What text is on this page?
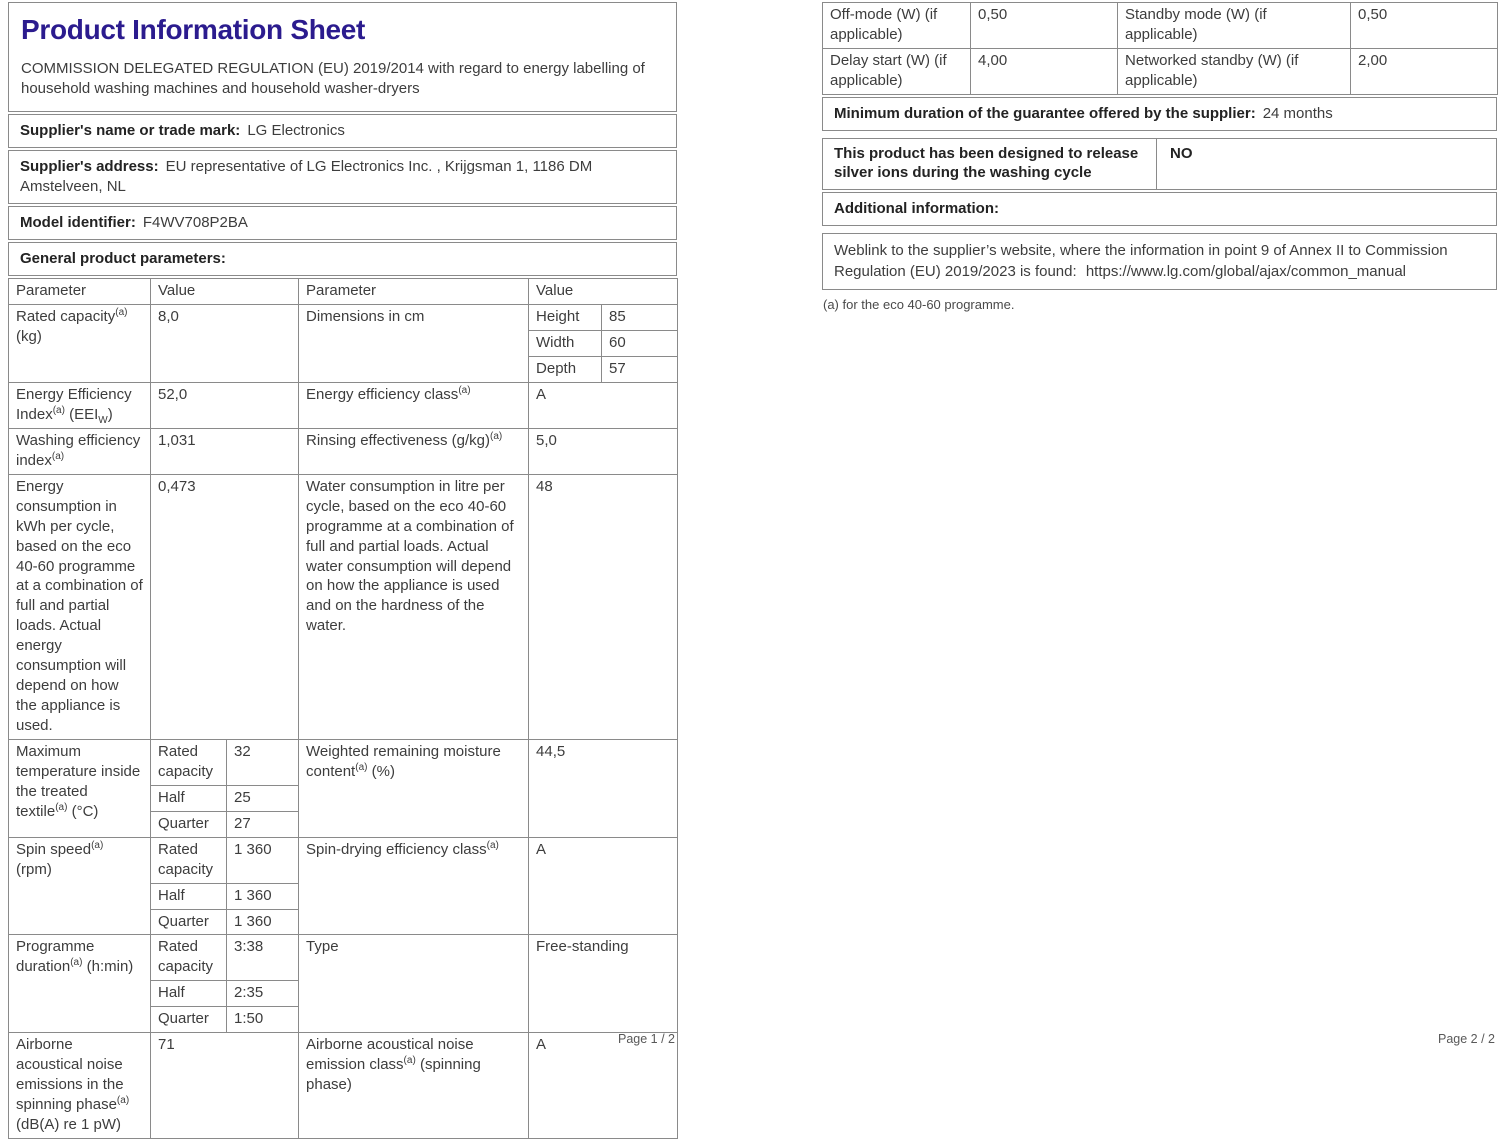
Product Information Sheet

COMMISSION DELEGATED REGULATION (EU) 2019/2014 with regard to energy labelling of household washing machines and household washer-dryers

Supplier's name or trade mark: LG Electronics
Supplier's address: EU representative of LG Electronics Inc. , Krijgsman 1, 1186 DM Amstelveen, NL
Model identifier: F4WV708P2BA
General product parameters:
Parameter	Value		Parameter	Value	
Rated capacity$^{(a)}$ (kg)	8,0		Dimensions in cm	Height	85
				Width	60
				Depth	57
Energy Efficiency Index$^{(a)}$ $(EEI_W)$	52,0		Energy efficiency class$^{(a)}$	A	
Washing efficiency index$^{(a)}$	1,031		Rinsing effectiveness $(g/kg)^{(a)}$	5,0	
Energy consumption in kWh per cycle, based on the eco 40-60 programme at a combination of full and partial loads. Actual energy consumption will depend on how the appliance is used.	0,473		Water consumption in litre per cycle, based on the eco 40-60 programme at a combination of full and partial loads. Actual water consumption will depend on how the appliance is used and on the hardness of the water.	48	
Maximum temperature inside the treated textile$^{(a)}$ (°C)	Rated capacity	32	Weighted remaining moisture content$^{(a)}$ (%)	44,5	
	Half	25			
	Quarter	27			
Spin speed$^{(a)}$ (rpm)	Rated capacity	1 360	Spin-drying efficiency class$^{(a)}$	A	
	Half	1 360			
	Quarter	1 360			
Programme duration$^{(a)}$ (h:min)	Rated capacity	3:38	Type	Free-standing	
	Half	2:35			
	Quarter	1:50			
Airborne acoustical noise emissions in the spinning phase$^{(a)}$ (dB(A) re 1 pW)	71		Airborne acoustical noise emission class$^{(a)}$ (spinning phase)	A		Page 1 / 2
Off-mode (W) (if applicable)	0,50	Standby mode (W) (if applicable)	0,50
Delay start (W) (if applicable)	4,00	Networked standby (W) (if applicable)	2,00
Minimum duration of the guarantee offered by the supplier: 24 months
This product has been designed to release silver ions during the washing cycle
NO
Additional information:
Weblink to the supplier’s website, where the information in point 9 of Annex II to Commission Regulation (EU) 2019/2023 is found: https://www.lg.com/global/ajax/common_manual
(a) for the eco 40-60 programme.
Page 2 / 2
